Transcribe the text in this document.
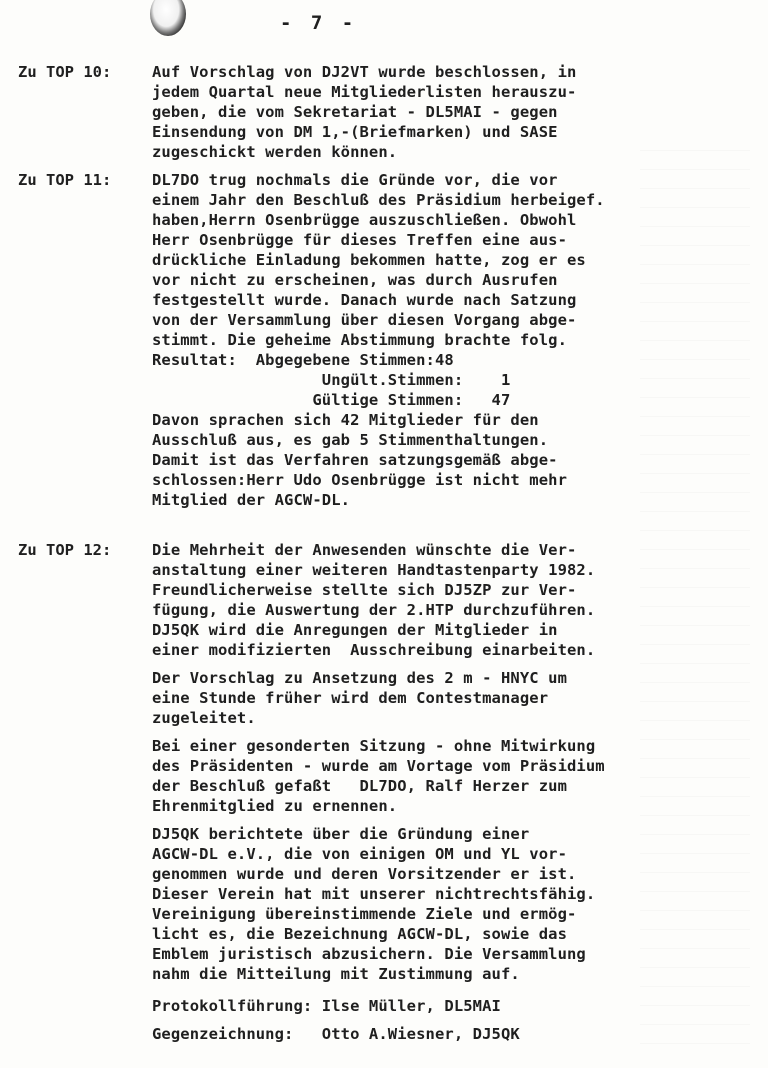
- 7 -
Zu TOP 10:	Auf Vorschlag von DJ2VT wurde beschlossen, in
jedem Quartal neue Mitgliederlisten herauszu-
geben, die vom Sekretariat - DL5MAI - gegen
Einsendung von DM 1,-(Briefmarken) und SASE
zugeschickt werden können.
Zu TOP 11:	DL7DO trug nochmals die Gründe vor, die vor
einem Jahr den Beschluß des Präsidium herbeigef.
haben,Herrn Osenbrügge auszuschließen. Obwohl
Herr Osenbrügge für dieses Treffen eine aus-
drückliche Einladung bekommen hatte, zog er es
vor nicht zu erscheinen, was durch Ausrufen
festgestellt wurde. Danach wurde nach Satzung
von der Versammlung über diesen Vorgang abge-
stimmt. Die geheime Abstimmung brachte folg.
Resultat:  Abgegebene Stimmen:48
Ungült.Stimmen:    1
Gültige Stimmen:   47
Davon sprachen sich 42 Mitglieder für den
Ausschluß aus, es gab 5 Stimmenthaltungen.
Damit ist das Verfahren satzungsgemäß abge-
schlossen:Herr Udo Osenbrügge ist nicht mehr
Mitglied der AGCW-DL.
Zu TOP 12:	Die Mehrheit der Anwesenden wünschte die Ver-
anstaltung einer weiteren Handtastenparty 1982.
Freundlicherweise stellte sich DJ5ZP zur Ver-
fügung, die Auswertung der 2.HTP durchzuführen.
DJ5QK wird die Anregungen der Mitglieder in
einer modifizierten  Ausschreibung einarbeiten.
Der Vorschlag zu Ansetzung des 2 m - HNYC um
eine Stunde früher wird dem Contestmanager
zugeleitet.
Bei einer gesonderten Sitzung - ohne Mitwirkung
des Präsidenten - wurde am Vortage vom Präsidium
der Beschluß gefaßt   DL7DO, Ralf Herzer zum
Ehrenmitglied zu ernennen.
DJ5QK berichtete über die Gründung einer
AGCW-DL e.V., die von einigen OM und YL vor-
genommen wurde und deren Vorsitzender er ist.
Dieser Verein hat mit unserer nichtrechtsfähig.
Vereinigung übereinstimmende Ziele und ermög-
licht es, die Bezeichnung AGCW-DL, sowie das
Emblem juristisch abzusichern. Die Versammlung
nahm die Mitteilung mit Zustimmung auf.
Protokollführung: Ilse Müller, DL5MAI
Gegenzeichnung:   Otto A.Wiesner, DJ5QK
